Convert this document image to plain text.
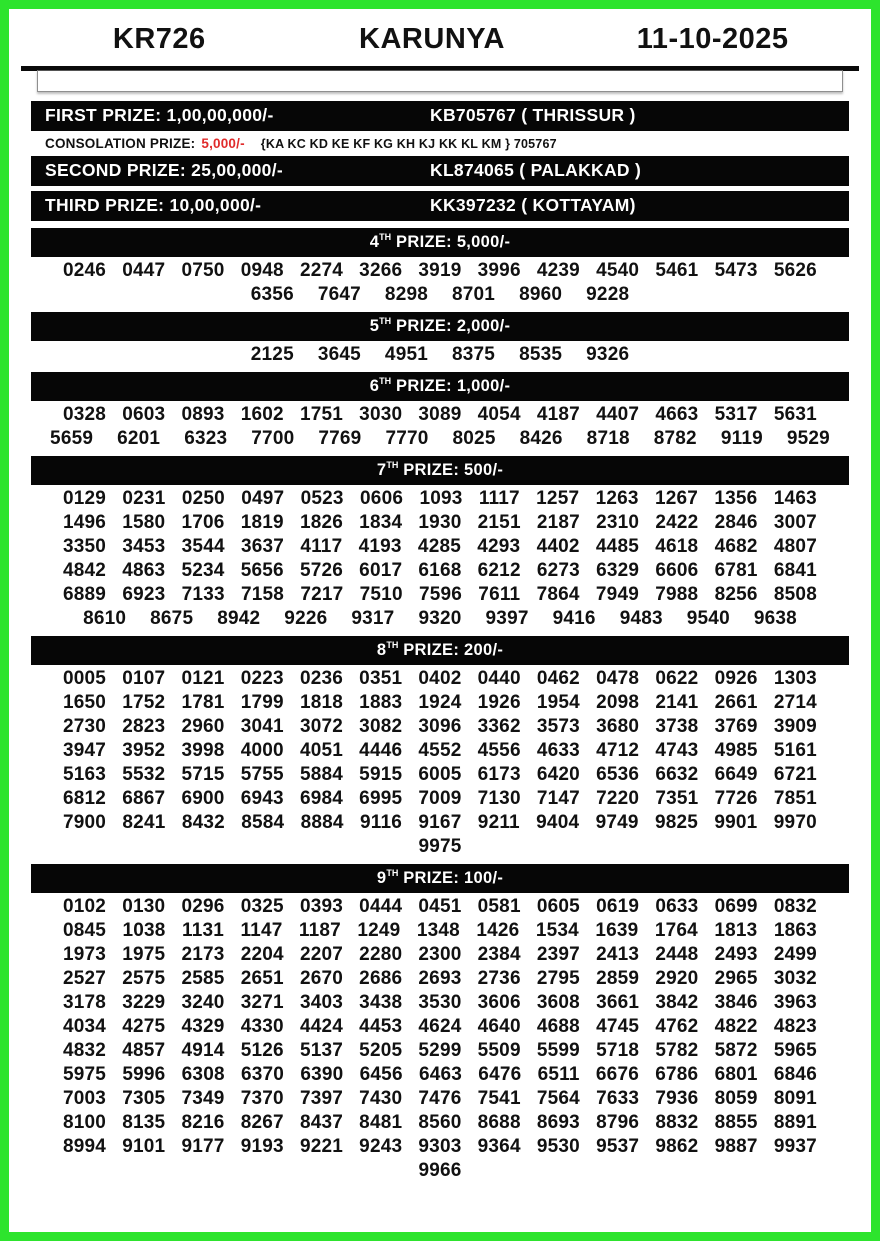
KR726	KARUNYA	11-10-2025
FIRST PRIZE: 1,00,00,000/-	KB705767 ( THRISSUR )
CONSOLATION PRIZE: 5,000/- {KA KC KD KE KF KG KH KJ KK KL KM } 705767
SECOND PRIZE: 25,00,000/-	KL874065 ( PALAKKAD )
THIRD PRIZE: 10,00,000/-	KK397232 ( KOTTAYAM)
4TH PRIZE: 5,000/-
0246 0447 0750 0948 2274 3266 3919 3996 4239 4540 5461 5473 5626
6356 7647 8298 8701 8960 9228
5TH PRIZE: 2,000/-
2125 3645 4951 8375 8535 9326
6TH PRIZE: 1,000/-
0328 0603 0893 1602 1751 3030 3089 4054 4187 4407 4663 5317 5631
5659 6201 6323 7700 7769 7770 8025 8426 8718 8782 9119 9529
7TH PRIZE: 500/-
0129 0231 0250 0497 0523 0606 1093 1117 1257 1263 1267 1356 1463
1496 1580 1706 1819 1826 1834 1930 2151 2187 2310 2422 2846 3007
3350 3453 3544 3637 4117 4193 4285 4293 4402 4485 4618 4682 4807
4842 4863 5234 5656 5726 6017 6168 6212 6273 6329 6606 6781 6841
6889 6923 7133 7158 7217 7510 7596 7611 7864 7949 7988 8256 8508
8610 8675 8942 9226 9317 9320 9397 9416 9483 9540 9638
8TH PRIZE: 200/-
0005 0107 0121 0223 0236 0351 0402 0440 0462 0478 0622 0926 1303
1650 1752 1781 1799 1818 1883 1924 1926 1954 2098 2141 2661 2714
2730 2823 2960 3041 3072 3082 3096 3362 3573 3680 3738 3769 3909
3947 3952 3998 4000 4051 4446 4552 4556 4633 4712 4743 4985 5161
5163 5532 5715 5755 5884 5915 6005 6173 6420 6536 6632 6649 6721
6812 6867 6900 6943 6984 6995 7009 7130 7147 7220 7351 7726 7851
7900 8241 8432 8584 8884 9116 9167 9211 9404 9749 9825 9901 9970
9975
9TH PRIZE: 100/-
0102 0130 0296 0325 0393 0444 0451 0581 0605 0619 0633 0699 0832
0845 1038 1131 1147 1187 1249 1348 1426 1534 1639 1764 1813 1863
1973 1975 2173 2204 2207 2280 2300 2384 2397 2413 2448 2493 2499
2527 2575 2585 2651 2670 2686 2693 2736 2795 2859 2920 2965 3032
3178 3229 3240 3271 3403 3438 3530 3606 3608 3661 3842 3846 3963
4034 4275 4329 4330 4424 4453 4624 4640 4688 4745 4762 4822 4823
4832 4857 4914 5126 5137 5205 5299 5509 5599 5718 5782 5872 5965
5975 5996 6308 6370 6390 6456 6463 6476 6511 6676 6786 6801 6846
7003 7305 7349 7370 7397 7430 7476 7541 7564 7633 7936 8059 8091
8100 8135 8216 8267 8437 8481 8560 8688 8693 8796 8832 8855 8891
8994 9101 9177 9193 9221 9243 9303 9364 9530 9537 9862 9887 9937
9966
